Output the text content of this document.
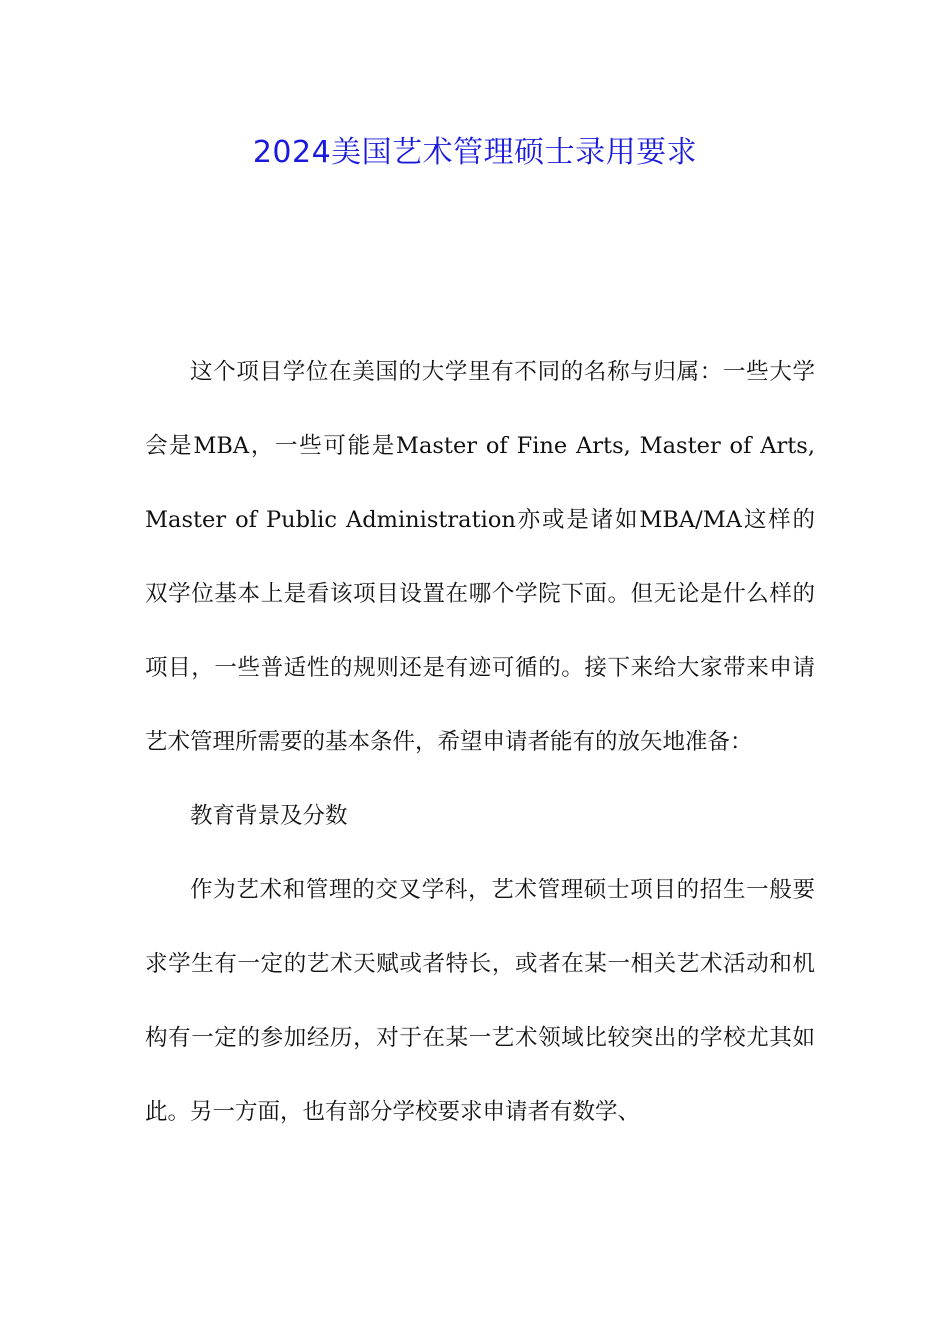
2024美国艺术管理硕士录用要求

这个项目学位在美国的大学里有不同的名称与归属：一些大学会是MBA，一些可能是Master of Fine Arts, Master of Arts, Master of Public Administration亦或是诸如MBA/MA这样的双学位基本上是看该项目设置在哪个学院下面。但无论是什么样的项目，一些普适性的规则还是有迹可循的。接下来给大家带来申请艺术管理所需要的基本条件，希望申请者能有的放矢地准备：

教育背景及分数

作为艺术和管理的交叉学科，艺术管理硕士项目的招生一般要求学生有一定的艺术天赋或者特长，或者在某一相关艺术活动和机构有一定的参加经历，对于在某一艺术领域比较突出的学校尤其如此。另一方面，也有部分学校要求申请者有数学、
